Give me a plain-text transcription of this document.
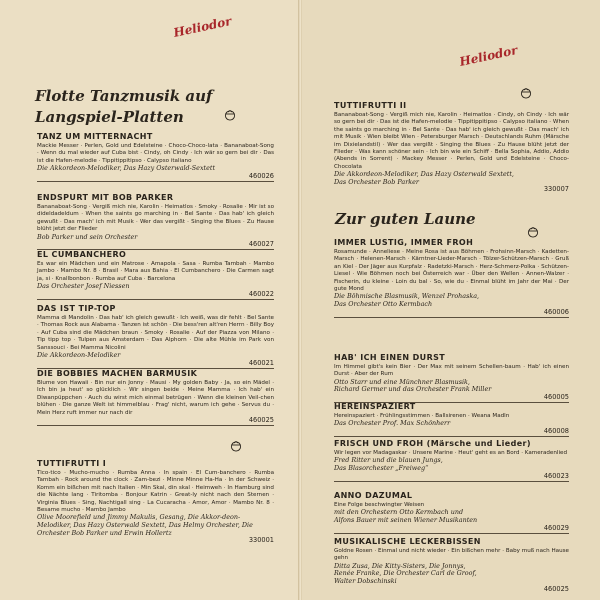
Heliodor
Heliodor
Flotte Tanzmusik auf
Langspiel-Platten
Zur guten Laune
TANZ UM MITTERNACHT
Mackie Messer · Perlen, Gold und Edelsteine · Choco-Choco-lata · Bananaboat-Song · Wenn du mal wieder auf Cuba bist · Cindy, oh Cindy · Ich wär so gern bei dir · Das ist die Hafen-melodie · Tippitippitipso · Calypso italiano
Die Akkordeon-Melodiker, Das Hazy Osterwald-Sextett
460026
ENDSPURT MIT BOB PARKER
Bananaboat-Song · Vergiß mich nie, Karolin · Heimatlos · Smoky · Rosalie · Mir ist so dideldadeldum · When the saints go marching in · Bel Sante · Das hab' ich gleich gewußt · Das mach' ich mit Musik · Wer das vergißt · Singing the Blues · Zu Hause blüht jetzt der Flieder
Bob Parker und sein Orchester
460027
EL CUMBANCHERO
Es war ein Mädchen und ein Matrose · Amapola · Sasa · Rumba Tambah · Mambo Jambo · Mambo Nr. 8 · Brasil · Mara aus Bahia · El Cumbanchero · Die Carmen sagt ja, si · Knallbonbon · Rumba auf Cuba · Barcelona
Das Orchester Josef Niessen
460022
DAS IST TIP-TOP
Mamma di Mandolin · Das hab' ich gleich gewußt · Ich weiß, was dir fehlt · Bel Sante · Thomas Rock aus Alabama · Tanzen ist schön · Die bess'ren alt'ren Herrn · Billy Boy · Auf Cuba sind die Mädchen braun · Smoky · Rosalie · Auf der Piazza von Milano · Tip tipp top · Tulpen aus Amsterdam · Das Alphorn · Die alte Mühle im Park von Sanssouci · Bei Mamma Nicolini
Die Akkordeon-Melodiker
460021
DIE BOBBIES MACHEN BARMUSIK
Blume von Hawaii · Bin nur ein Jonny · Mausi · My golden Baby · Ja, so ein Mädel · Ich bin ja heut' so glücklich · Wir singen beide · Meine Mamma · Ich hab' ein Diwanpüppchen · Auch du wirst mich einmal betrügen · Wenn die kleinen Veil-chen blühen · Die ganze Welt ist himmelblau · Frag' nicht, warum ich gehe · Servus du · Mein Herz ruft immer nur nach dir
460025
TUTTIFRUTTI I
Tico-tico · Mucho-mucho · Rumba Anna · In spain · El Cum-banchero · Rumba Tambah · Rock around the clock · Zam-bezi · Minne Minne Ha-Ha · In der Schweiz · Komm ein bißchen mit nach Italien · Min Skal, din skal · Heimweh · In Hamburg sind die Nächte lang · Tiritomba · Bonjour Katrin · Great-ly nicht nach den Sternen · Virginia Blues · Sing, Nachtigall sing · La Cucaracha · Amor, Amor · Mambo Nr. 8 · Besame mucho · Mambo Jambo
Olive Moorefield und Jimmy Makulis, Gesang, Die Akkor-deon-Melodiker, Das Hazy Osterwald Sextett, Das Helmy Orchester, Die Orchester Bob Parker und Erwin Hollertz
330001
TUTTIFRUTTI II
Bananaboat-Song · Vergiß mich nie, Karolin · Heimatlos · Cindy, oh Cindy · Ich wär so gern bei dir · Das ist die Hafen-melodie · Tippitippitipso · Calypso italiano · When the saints go marching in · Bel Sante · Das hab' ich gleich gewußt · Das mach' ich mit Musik · Wien bleibt Wien · Petersburger Marsch · Deutschlands Ruhm (Märsche im Dixielandstil) · Wer das vergißt · Singing the Blues · Zu Hause blüht jetzt der Flieder · Was kann schöner sein · Ich bin wie ein Schiff · Bella Sophia, Addio, Addio (Abends in Sorrent) · Mackey Messer · Perlen, Gold und Edelsteine · Choco-Chocolata
Die Akkordeon-Melodiker, Das Hazy Osterwald Sextett,
Das Orchester Bob Parker
330007
IMMER LUSTIG, IMMER FROH
Rosamunde · Anneliese · Meine Rosa ist aus Böhmen · Frohsinn-Marsch · Kadetten-Marsch · Helenen-Marsch · Kärntner-Lieder-Marsch · Tölzer-Schützen-Marsch · Gruß an Kiel · Der Jäger aus Kurpfalz · Radetzki-Marsch · Herz-Schmerz-Polka · Schützen-Liesel · Wie Böhmen noch bei Österreich war · Über den Wellen · Annen-Walzer · Fischerin, du kleine · Loin du bal · So, wie du · Einmal blüht im Jahr der Mai · Der gute Mond
Die Böhmische Blasmusik, Wenzel Prohaska,
Das Orchester Otto Kermbach
460006
HAB' ICH EINEN DURST
Im Himmel gibt's kein Bier · Der Max mit seinem Schellen-baum · Hab' ich einen Durst · Aber der Rum
Otto Starr und eine Münchner Blasmusik,
Richard Germer und das Orchester Frank Miller
460005
HEREINSPAZIERT
Hereinspaziert · Frühlingsstimmen · Ballsirenen · Weana Madln
Das Orchester Prof. Max Schönherr
460008
FRISCH UND FROH (Märsche und Lieder)
Wir legen vor Madagaskar · Unsere Marine · Heut' geht es an Bord · Kameradenlied
Fred Ritter und die blauen Jungs,
Das Blasorchester „Freiweg“
460023
ANNO DAZUMAL
Eine Folge beschwingter Weisen
mit den Orchestern Otto Kermbach und
Alfons Bauer mit seinen Wiener Musikanten
460029
MUSIKALISCHE LECKERBISSEN
Goldne Rosen · Einmal und nicht wieder · Ein bißchen mehr · Baby muß nach Hause gehn
Ditta Zusa, Die Kitty-Sisters, Die Jonnys,
Renée Franke, Die Orchester Carl de Groof,
Walter Dobschinski
460025
